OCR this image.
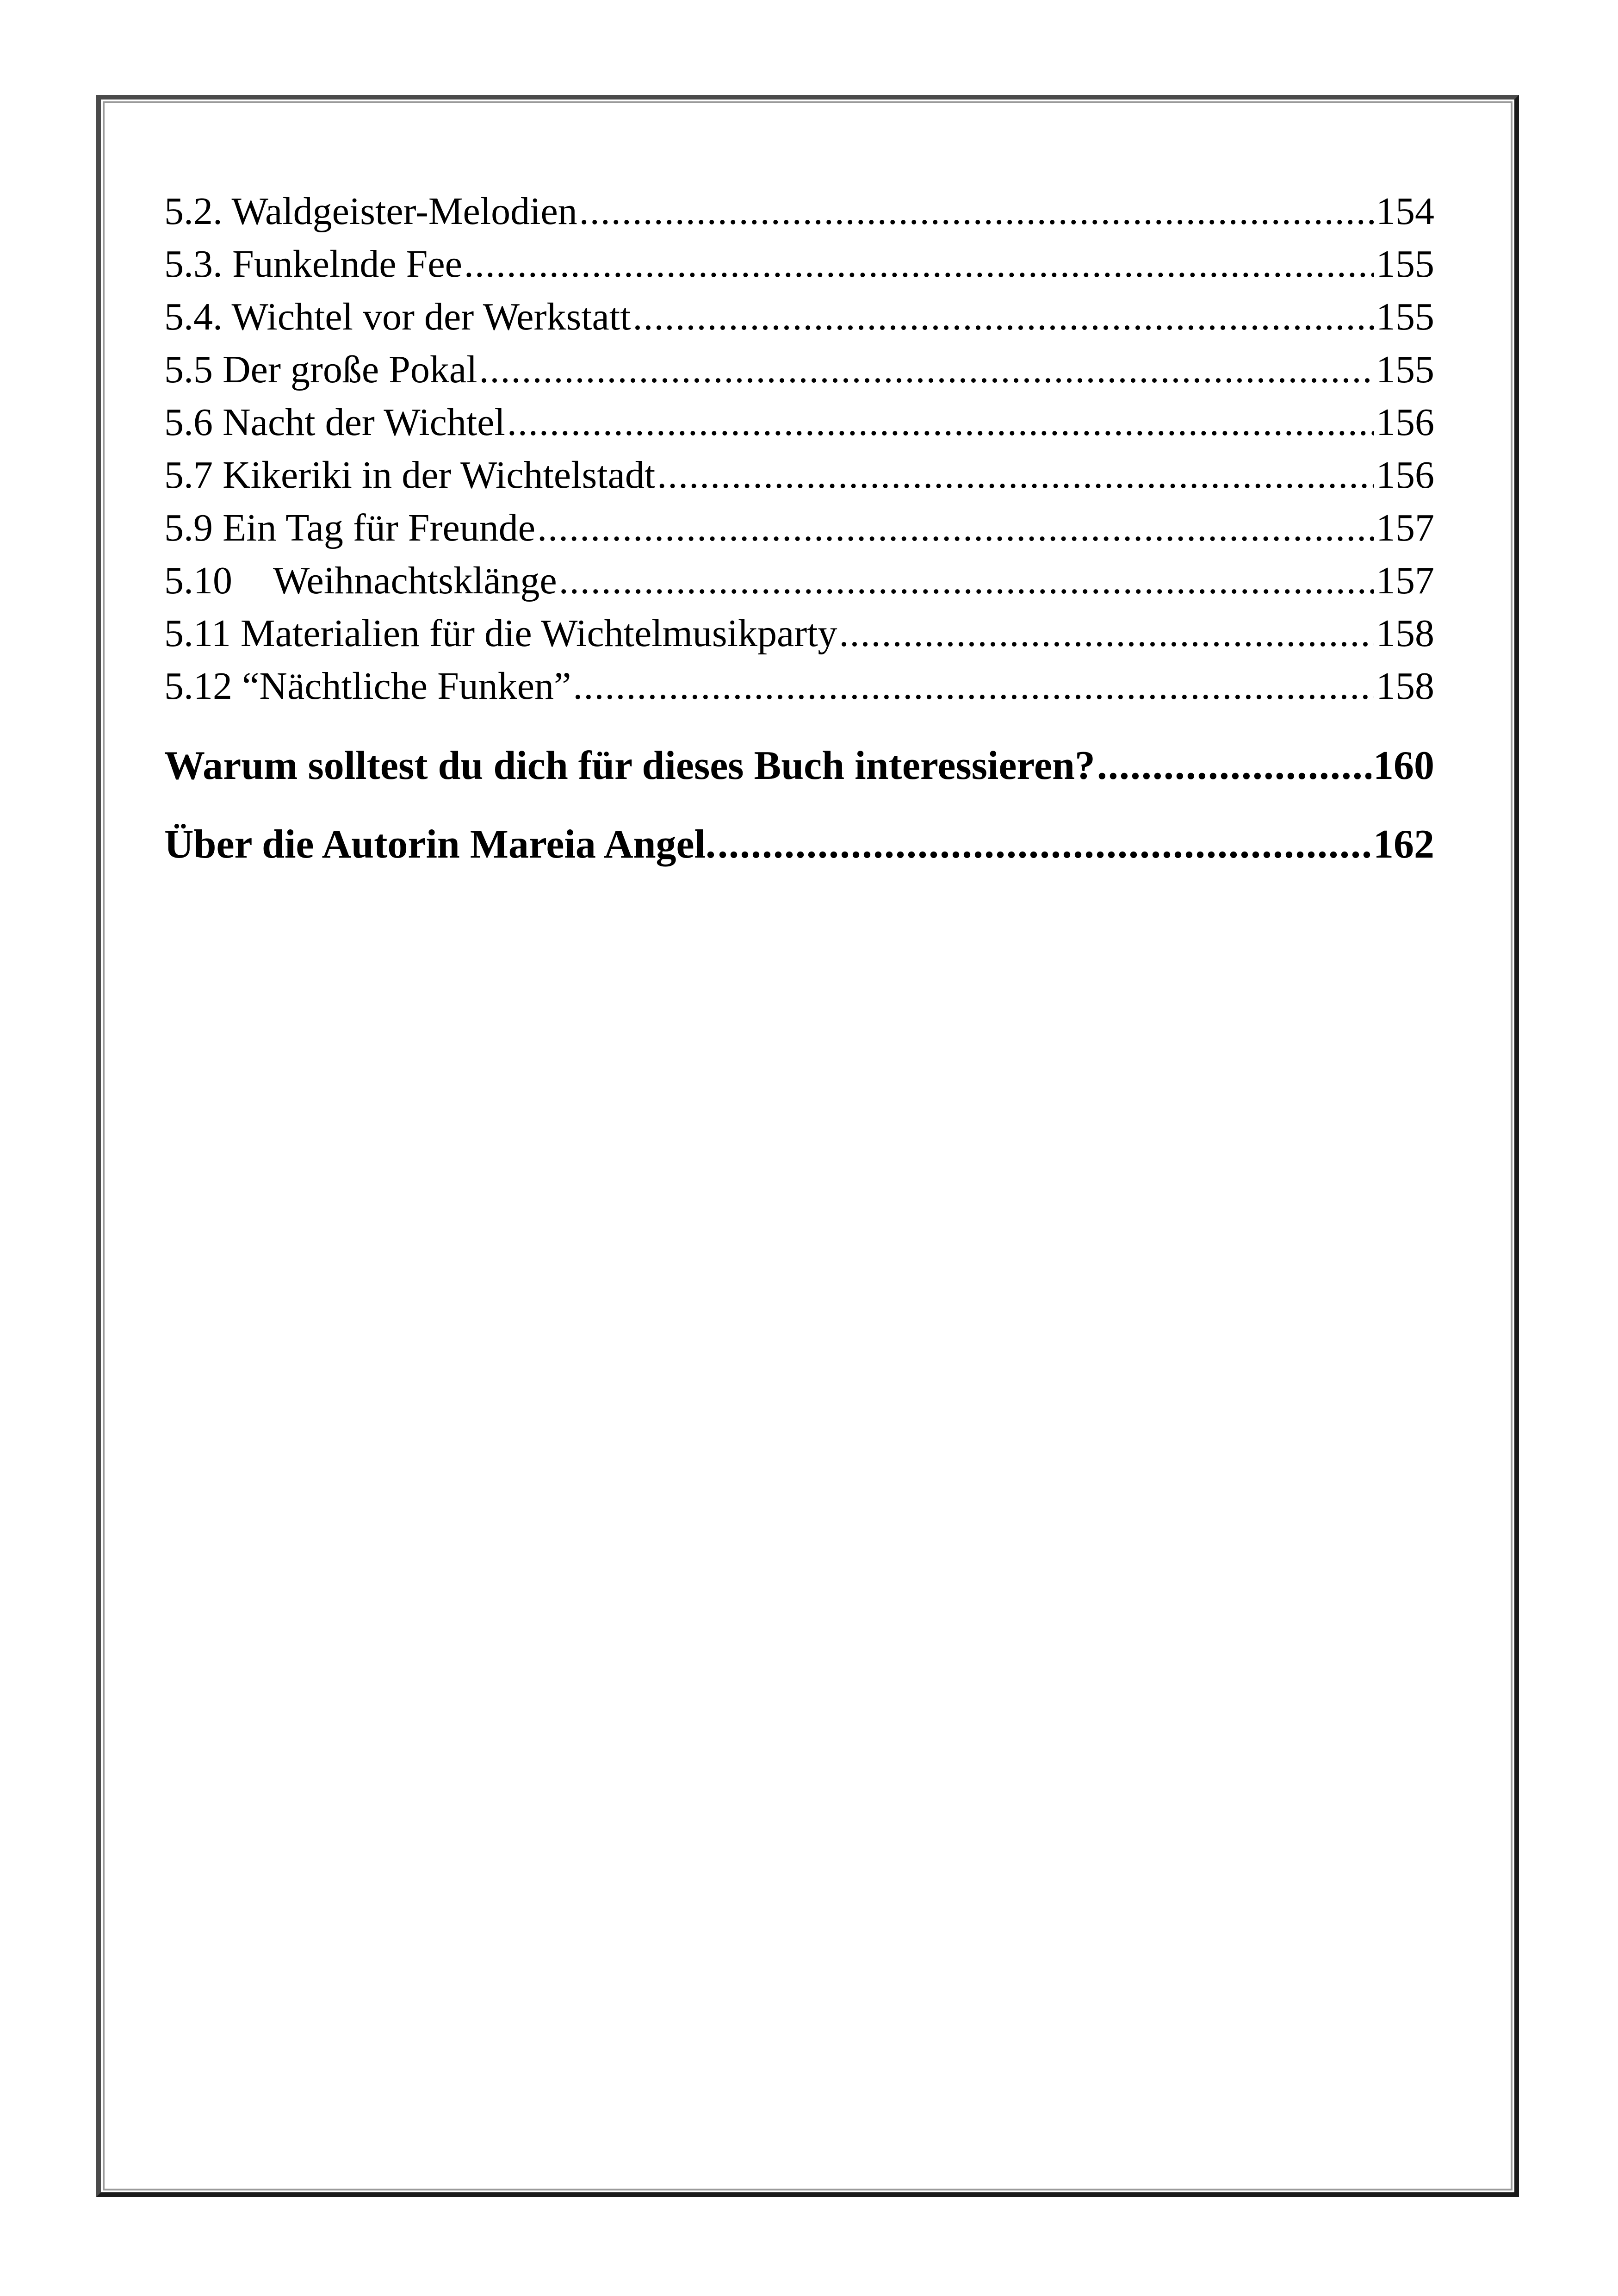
5.2. Waldgeister-Melodien .....	154
5.3. Funkelnde Fee .....	155
5.4. Wichtel vor der Werkstatt .....	155
5.5 Der große Pokal .....	155
5.6 Nacht der Wichtel .....	156
5.7 Kikeriki in der Wichtelstadt .....	156
5.9 Ein Tag für Freunde .....	157
5.10 Weihnachtsklänge .....	157
5.11 Materialien für die Wichtelmusikparty .....	158
5.12 “Nächtliche Funken” .....	158
Warum solltest du dich für dieses Buch interessieren? .....	160
Über die Autorin Mareia Angel. .....	162
